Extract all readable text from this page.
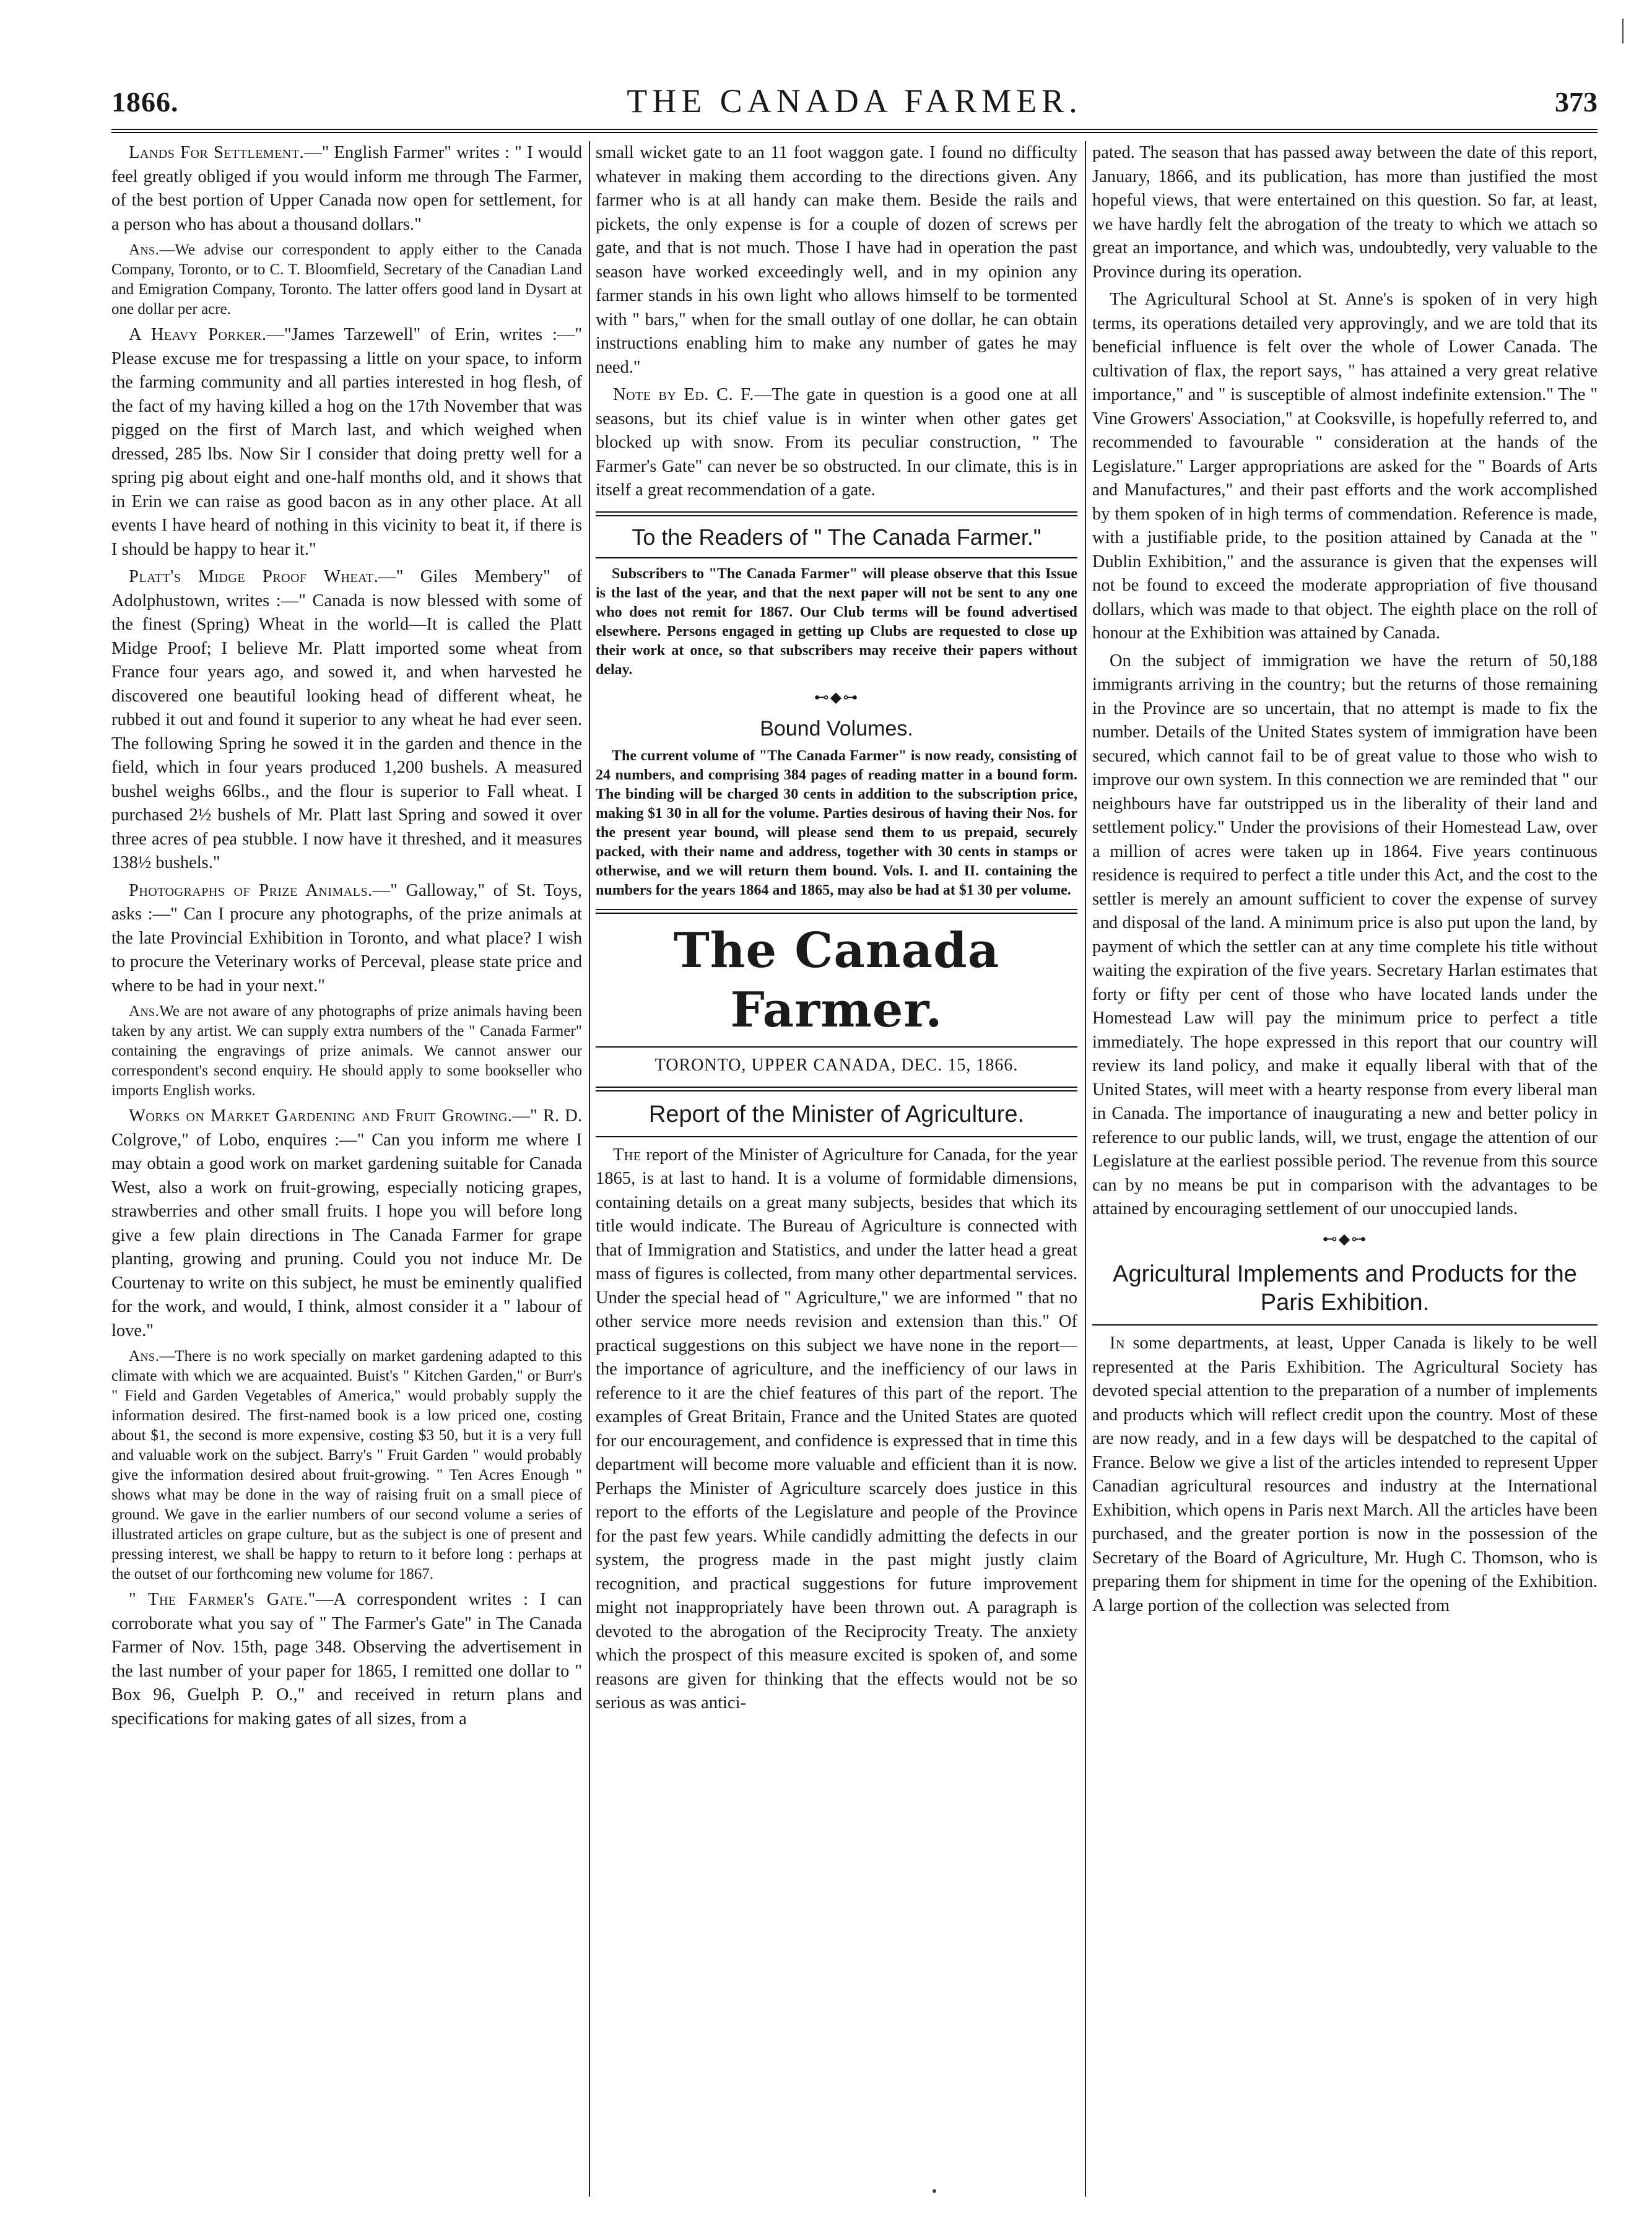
1866.	THE CANADA FARMER.	373

Lands For Settlement.—" English Farmer" writes : " I would feel greatly obliged if you would inform me through The Farmer, of the best portion of Upper Canada now open for settlement, for a person who has about a thousand dollars."

Ans.—We advise our correspondent to apply either to the Canada Company, Toronto, or to C. T. Bloomfield, Secretary of the Canadian Land and Emigration Company, Toronto. The latter offers good land in Dysart at one dollar per acre.

A Heavy Porker.—"James Tarzewell" of Erin, writes :—" Please excuse me for trespassing a little on your space, to inform the farming community and all parties interested in hog flesh, of the fact of my having killed a hog on the 17th November that was pigged on the first of March last, and which weighed when dressed, 285 lbs. Now Sir I consider that doing pretty well for a spring pig about eight and one-half months old, and it shows that in Erin we can raise as good bacon as in any other place. At all events I have heard of nothing in this vicinity to beat it, if there is I should be happy to hear it."

Platt's Midge Proof Wheat.—" Giles Membery" of Adolphustown, writes :—" Canada is now blessed with some of the finest (Spring) Wheat in the world—It is called the Platt Midge Proof; I believe Mr. Platt imported some wheat from France four years ago, and sowed it, and when harvested he discovered one beautiful looking head of different wheat, he rubbed it out and found it superior to any wheat he had ever seen. The following Spring he sowed it in the garden and thence in the field, which in four years produced 1,200 bushels. A measured bushel weighs 66lbs., and the flour is superior to Fall wheat. I purchased 2½ bushels of Mr. Platt last Spring and sowed it over three acres of pea stubble. I now have it threshed, and it measures 138½ bushels."

Photographs of Prize Animals.—" Galloway," of St. Toys, asks :—" Can I procure any photographs, of the prize animals at the late Provincial Exhibition in Toronto, and what place? I wish to procure the Veterinary works of Perceval, please state price and where to be had in your next."

Ans.We are not aware of any photographs of prize animals having been taken by any artist. We can supply extra numbers of the " Canada Farmer" containing the engravings of prize animals. We cannot answer our correspondent's second enquiry. He should apply to some bookseller who imports English works.

Works on Market Gardening and Fruit Growing.—" R. D. Colgrove," of Lobo, enquires :—" Can you inform me where I may obtain a good work on market gardening suitable for Canada West, also a work on fruit-growing, especially noticing grapes, strawberries and other small fruits. I hope you will before long give a few plain directions in The Canada Farmer for grape planting, growing and pruning. Could you not induce Mr. De Courtenay to write on this subject, he must be eminently qualified for the work, and would, I think, almost consider it a " labour of love."

Ans.—There is no work specially on market gardening adapted to this climate with which we are acquainted. Buist's " Kitchen Garden," or Burr's " Field and Garden Vegetables of America," would probably supply the information desired. The first-named book is a low priced one, costing about $1, the second is more expensive, costing $3 50, but it is a very full and valuable work on the subject. Barry's " Fruit Garden " would probably give the information desired about fruit-growing. " Ten Acres Enough " shows what may be done in the way of raising fruit on a small piece of ground. We gave in the earlier numbers of our second volume a series of illustrated articles on grape culture, but as the subject is one of present and pressing interest, we shall be happy to return to it before long : perhaps at the outset of our forthcoming new volume for 1867.

" The Farmer's Gate."—A correspondent writes : I can corroborate what you say of " The Farmer's Gate" in The Canada Farmer of Nov. 15th, page 348. Observing the advertisement in the last number of your paper for 1865, I remitted one dollar to " Box 96, Guelph P. O.," and received in return plans and specifications for making gates of all sizes, from a

small wicket gate to an 11 foot waggon gate. I found no difficulty whatever in making them according to the directions given. Any farmer who is at all handy can make them. Beside the rails and pickets, the only expense is for a couple of dozen of screws per gate, and that is not much. Those I have had in operation the past season have worked exceedingly well, and in my opinion any farmer stands in his own light who allows himself to be tormented with " bars," when for the small outlay of one dollar, he can obtain instructions enabling him to make any number of gates he may need."

Note by Ed. C. F.—The gate in question is a good one at all seasons, but its chief value is in winter when other gates get blocked up with snow. From its peculiar construction, " The Farmer's Gate" can never be so obstructed. In our climate, this is in itself a great recommendation of a gate.

To the Readers of " The Canada Farmer."

Subscribers to "The Canada Farmer" will please observe that this Issue is the last of the year, and that the next paper will not be sent to any one who does not remit for 1867. Our Club terms will be found advertised elsewhere. Persons engaged in getting up Clubs are requested to close up their work at once, so that subscribers may receive their papers without delay.

⊷◆⊶
Bound Volumes.

The current volume of "The Canada Farmer" is now ready, consisting of 24 numbers, and comprising 384 pages of reading matter in a bound form. The binding will be charged 30 cents in addition to the subscription price, making $1 30 in all for the volume. Parties desirous of having their Nos. for the present year bound, will please send them to us prepaid, securely packed, with their name and address, together with 30 cents in stamps or otherwise, and we will return them bound. Vols. I. and II. containing the numbers for the years 1864 and 1865, may also be had at $1 30 per volume.

The Canada Farmer.
TORONTO, UPPER CANADA, DEC. 15, 1866.
Report of the Minister of Agriculture.

The report of the Minister of Agriculture for Canada, for the year 1865, is at last to hand. It is a volume of formidable dimensions, containing details on a great many subjects, besides that which its title would indicate. The Bureau of Agriculture is connected with that of Immigration and Statistics, and under the latter head a great mass of figures is collected, from many other departmental services. Under the special head of " Agriculture," we are informed " that no other service more needs revision and extension than this." Of practical suggestions on this subject we have none in the report—the importance of agriculture, and the inefficiency of our laws in reference to it are the chief features of this part of the report. The examples of Great Britain, France and the United States are quoted for our encouragement, and confidence is expressed that in time this department will become more valuable and efficient than it is now. Perhaps the Minister of Agriculture scarcely does justice in this report to the efforts of the Legislature and people of the Province for the past few years. While candidly admitting the defects in our system, the progress made in the past might justly claim recognition, and practical suggestions for future improvement might not inappropriately have been thrown out. A paragraph is devoted to the abrogation of the Reciprocity Treaty. The anxiety which the prospect of this measure excited is spoken of, and some reasons are given for thinking that the effects would not be so serious as was antici-

pated. The season that has passed away between the date of this report, January, 1866, and its publication, has more than justified the most hopeful views, that were entertained on this question. So far, at least, we have hardly felt the abrogation of the treaty to which we attach so great an importance, and which was, undoubtedly, very valuable to the Province during its operation.

The Agricultural School at St. Anne's is spoken of in very high terms, its operations detailed very approvingly, and we are told that its beneficial influence is felt over the whole of Lower Canada. The cultivation of flax, the report says, " has attained a very great relative importance," and " is susceptible of almost indefinite extension." The " Vine Growers' Association," at Cooksville, is hopefully referred to, and recommended to favourable " consideration at the hands of the Legislature." Larger appropriations are asked for the " Boards of Arts and Manufactures," and their past efforts and the work accomplished by them spoken of in high terms of commendation. Reference is made, with a justifiable pride, to the position attained by Canada at the " Dublin Exhibition," and the assurance is given that the expenses will not be found to exceed the moderate appropriation of five thousand dollars, which was made to that object. The eighth place on the roll of honour at the Exhibition was attained by Canada.

On the subject of immigration we have the return of 50,188 immigrants arriving in the country; but the returns of those remaining in the Province are so uncertain, that no attempt is made to fix the number. Details of the United States system of immigration have been secured, which cannot fail to be of great value to those who wish to improve our own system. In this connection we are reminded that " our neighbours have far outstripped us in the liberality of their land and settlement policy." Under the provisions of their Homestead Law, over a million of acres were taken up in 1864. Five years continuous residence is required to perfect a title under this Act, and the cost to the settler is merely an amount sufficient to cover the expense of survey and disposal of the land. A minimum price is also put upon the land, by payment of which the settler can at any time complete his title without waiting the expiration of the five years. Secretary Harlan estimates that forty or fifty per cent of those who have located lands under the Homestead Law will pay the minimum price to perfect a title immediately. The hope expressed in this report that our country will review its land policy, and make it equally liberal with that of the United States, will meet with a hearty response from every liberal man in Canada. The importance of inaugurating a new and better policy in reference to our public lands, will, we trust, engage the attention of our Legislature at the earliest possible period. The revenue from this source can by no means be put in comparison with the advantages to be attained by encouraging settlement of our unoccupied lands.

⊷◆⊶
Agricultural Implements and Products for the Paris Exhibition.

In some departments, at least, Upper Canada is likely to be well represented at the Paris Exhibition. The Agricultural Society has devoted special attention to the preparation of a number of implements and products which will reflect credit upon the country. Most of these are now ready, and in a few days will be despatched to the capital of France. Below we give a list of the articles intended to represent Upper Canadian agricultural resources and industry at the International Exhibition, which opens in Paris next March. All the articles have been purchased, and the greater portion is now in the possession of the Secretary of the Board of Agriculture, Mr. Hugh C. Thomson, who is preparing them for shipment in time for the opening of the Exhibition. A large portion of the collection was selected from
